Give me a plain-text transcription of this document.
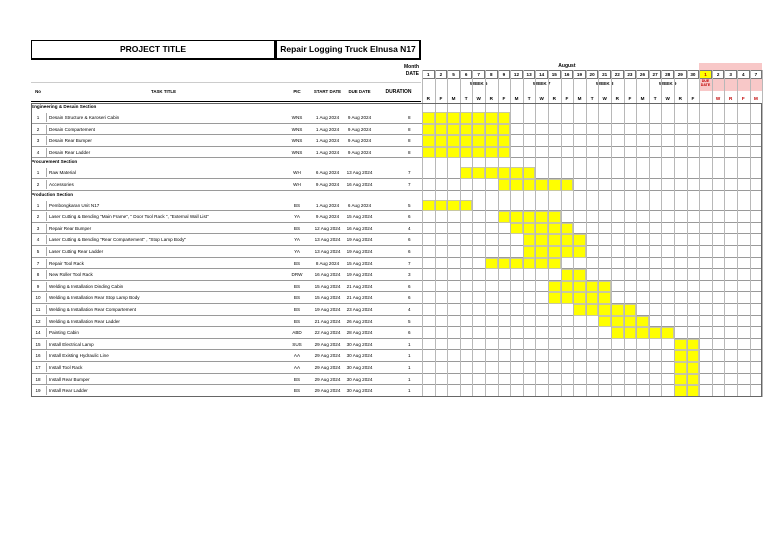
PROJECT TITLE	Repair Logging Truck Elnusa N17
Month
DATE
No	TASK TITLE	PIC	START DATE	DUE DATE	DURATION
August
1	2	5	6	7	8	9	12	13	14	15	16	19	20	21	22	23	26	27	28	29	30	1	2	3	4	7
WEEK 6	WEEK 7	WEEK 8	WEEK 9	DUE DATE
R	F	M	T	W	R	F	M	T	W	R	F	M	T	W	R	F	M	T	W	R	F	T	W	R	F	M
Engineering & Desain Section
1	Desain Structure & Karoseri Cabin	WNS	1 Aug 2024	9 Aug 2024	8
2	Desain Compartement	WNS	1 Aug 2024	9 Aug 2024	8
3	Desain Rear Bumper	WNS	1 Aug 2024	9 Aug 2024	8
4	Desain Rear Ladder	WNS	1 Aug 2024	9 Aug 2024	8
Procurement Section
1	Raw Material	WH	6 Aug 2024	13 Aug 2024	7
2	Accessories	WH	9 Aug 2024	16 Aug 2024	7
Production Section
1	Pembongkaran Unit N17	BS	1 Aug 2024	6 Aug 2024	5
2	Laser Cutting & Bending "Main Frame", " Door Tool Rack ", "External Wall List"	YA	9 Aug 2024	15 Aug 2024	6
3	Repair Rear Bumper	BS	12 Aug 2024	16 Aug 2024	4
4	Laser Cutting & Bending "Rear Compartement" , "Stop Lamp Body"	YA	13 Aug 2024	19 Aug 2024	6
5	Laser Cutting Rear Ladder	YA	13 Aug 2024	19 Aug 2024	6
7	Repair Tool Rack	BS	8 Aug 2024	15 Aug 2024	7
8	New Roller Tool Rack	DRW	16 Aug 2024	19 Aug 2024	3
9	Welding & Installation Dinding Cabin	BS	15 Aug 2024	21 Aug 2024	6
10	Welding & Installation Rear Stop Lamp Body	BS	15 Aug 2024	21 Aug 2024	6
11	Welding & Installation Rear Compartement	BS	19 Aug 2024	23 Aug 2024	4
12	Welding & Installation Rear Ladder	BS	21 Aug 2024	26 Aug 2024	5
14	Painting Cabin	ABD	22 Aug 2024	28 Aug 2024	6
15	Install Electrical Lamp	SUS	29 Aug 2024	30 Aug 2024	1
16	Install Existing Hydraulic Line	AA	29 Aug 2024	30 Aug 2024	1
17	Install Tool Rack	AA	29 Aug 2024	30 Aug 2024	1
18	Install Rear Bumper	BS	29 Aug 2024	30 Aug 2024	1
19	Install Rear Ladder	BS	29 Aug 2024	30 Aug 2024	1
